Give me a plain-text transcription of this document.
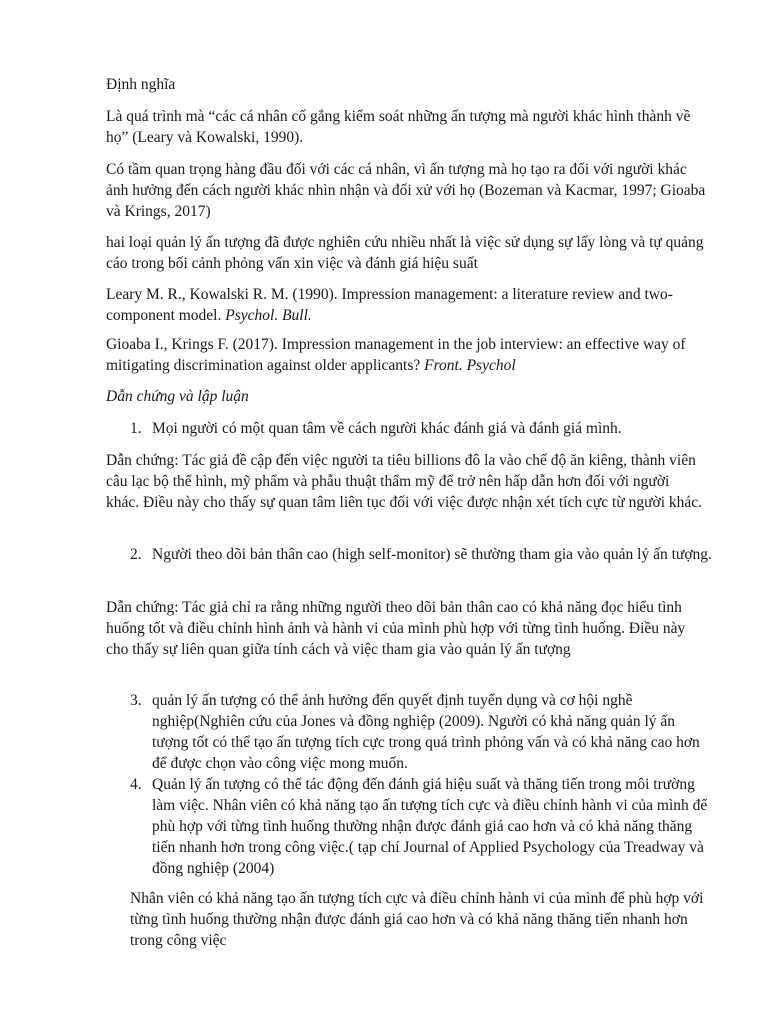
Định nghĩa

Là quá trình mà “các cá nhân cố gắng kiểm soát những ấn tượng mà người khác hình thành về họ” (Leary và Kowalski, 1990).

Có tầm quan trọng hàng đầu đối với các cá nhân, vì ấn tượng mà họ tạo ra đối với người khác ảnh hưởng đến cách người khác nhìn nhận và đối xử với họ (Bozeman và Kacmar, 1997; Gioaba và Krings, 2017)

hai loại quản lý ấn tượng đã được nghiên cứu nhiều nhất là việc sử dụng sự lấy lòng và tự quảng cáo trong bối cảnh phỏng vấn xin việc và đánh giá hiệu suất

Leary M. R., Kowalski R. M. (1990). Impression management: a literature review and two-component model. Psychol. Bull.

Gioaba I., Krings F. (2017). Impression management in the job interview: an effective way of mitigating discrimination against older applicants? Front. Psychol

Dẫn chứng và lập luận

1. Mọi người có một quan tâm về cách người khác đánh giá và đánh giá mình.

Dẫn chứng: Tác giả đề cập đến việc người ta tiêu billions đô la vào chế độ ăn kiêng, thành viên câu lạc bộ thể hình, mỹ phẩm và phẫu thuật thẩm mỹ để trở nên hấp dẫn hơn đối với người khác. Điều này cho thấy sự quan tâm liên tục đối với việc được nhận xét tích cực từ người khác.

2. Người theo dõi bản thân cao (high self-monitor) sẽ thường tham gia vào quản lý ấn tượng.

Dẫn chứng: Tác giả chỉ ra rằng những người theo dõi bản thân cao có khả năng đọc hiểu tình huống tốt và điều chỉnh hình ảnh và hành vi của mình phù hợp với từng tình huống. Điều này cho thấy sự liên quan giữa tính cách và việc tham gia vào quản lý ấn tượng

3. quản lý ấn tượng có thể ảnh hưởng đến quyết định tuyển dụng và cơ hội nghề nghiệp(Nghiên cứu của Jones và đồng nghiệp (2009). Người có khả năng quản lý ấn tượng tốt có thể tạo ấn tượng tích cực trong quá trình phỏng vấn và có khả năng cao hơn để được chọn vào công việc mong muốn.
4. Quản lý ấn tượng có thể tác động đến đánh giá hiệu suất và thăng tiến trong môi trường làm việc. Nhân viên có khả năng tạo ấn tượng tích cực và điều chỉnh hành vi của mình để phù hợp với từng tình huống thường nhận được đánh giá cao hơn và có khả năng thăng tiến nhanh hơn trong công việc.( tạp chí Journal of Applied Psychology của Treadway và đồng nghiệp (2004)

Nhân viên có khả năng tạo ấn tượng tích cực và điều chỉnh hành vi của mình để phù hợp với từng tình huống thường nhận được đánh giá cao hơn và có khả năng thăng tiến nhanh hơn trong công việc
